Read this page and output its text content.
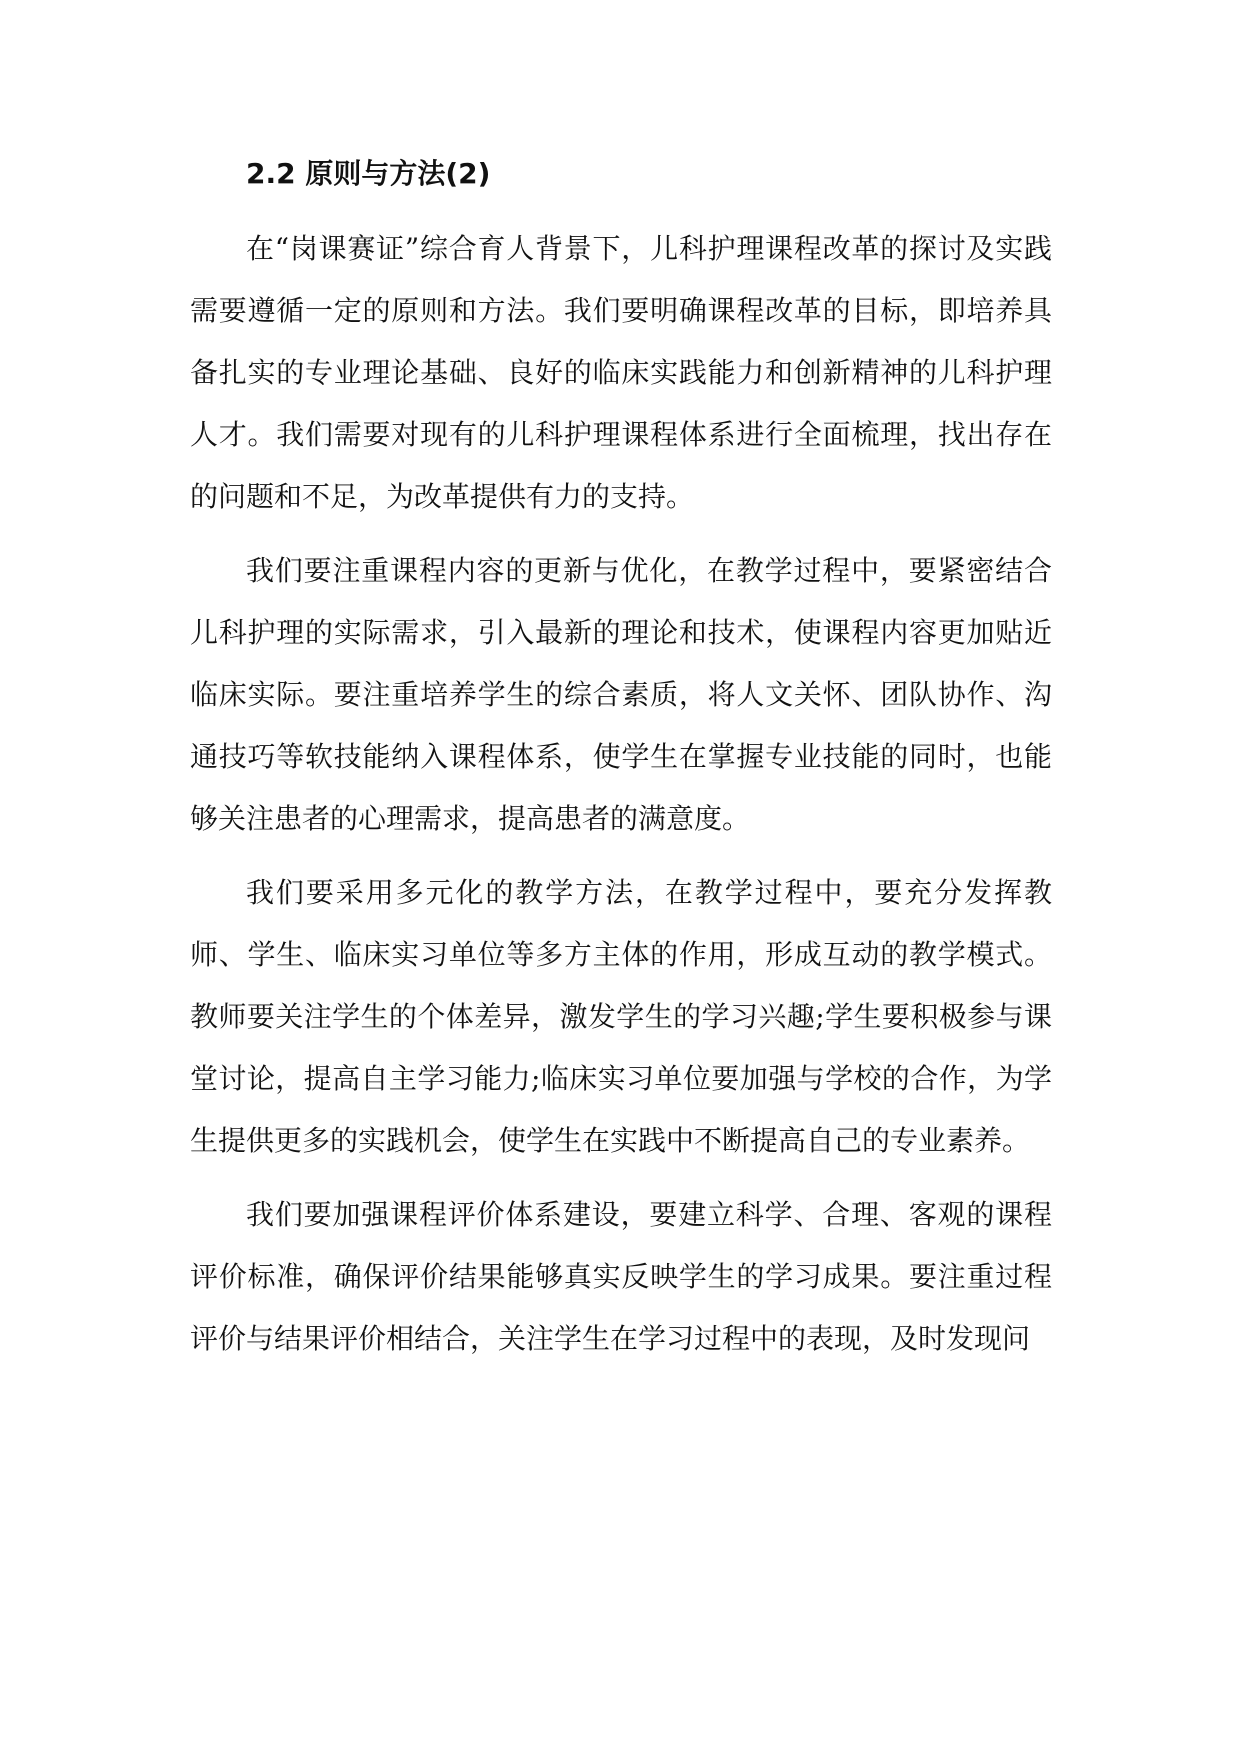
2.2 原则与方法(2)

在“岗课赛证”综合育人背景下，儿科护理课程改革的探讨及实践需要遵循一定的原则和方法。我们要明确课程改革的目标，即培养具备扎实的专业理论基础、良好的临床实践能力和创新精神的儿科护理人才。我们需要对现有的儿科护理课程体系进行全面梳理，找出存在的问题和不足，为改革提供有力的支持。

我们要注重课程内容的更新与优化，在教学过程中，要紧密结合儿科护理的实际需求，引入最新的理论和技术，使课程内容更加贴近临床实际。要注重培养学生的综合素质，将人文关怀、团队协作、沟通技巧等软技能纳入课程体系，使学生在掌握专业技能的同时，也能够关注患者的心理需求，提高患者的满意度。

我们要采用多元化的教学方法，在教学过程中，要充分发挥教师、学生、临床实习单位等多方主体的作用，形成互动的教学模式。教师要关注学生的个体差异，激发学生的学习兴趣;学生要积极参与课堂讨论，提高自主学习能力;临床实习单位要加强与学校的合作，为学生提供更多的实践机会，使学生在实践中不断提高自己的专业素养。

我们要加强课程评价体系建设，要建立科学、合理、客观的课程评价标准，确保评价结果能够真实反映学生的学习成果。要注重过程评价与结果评价相结合，关注学生在学习过程中的表现，及时发现问
